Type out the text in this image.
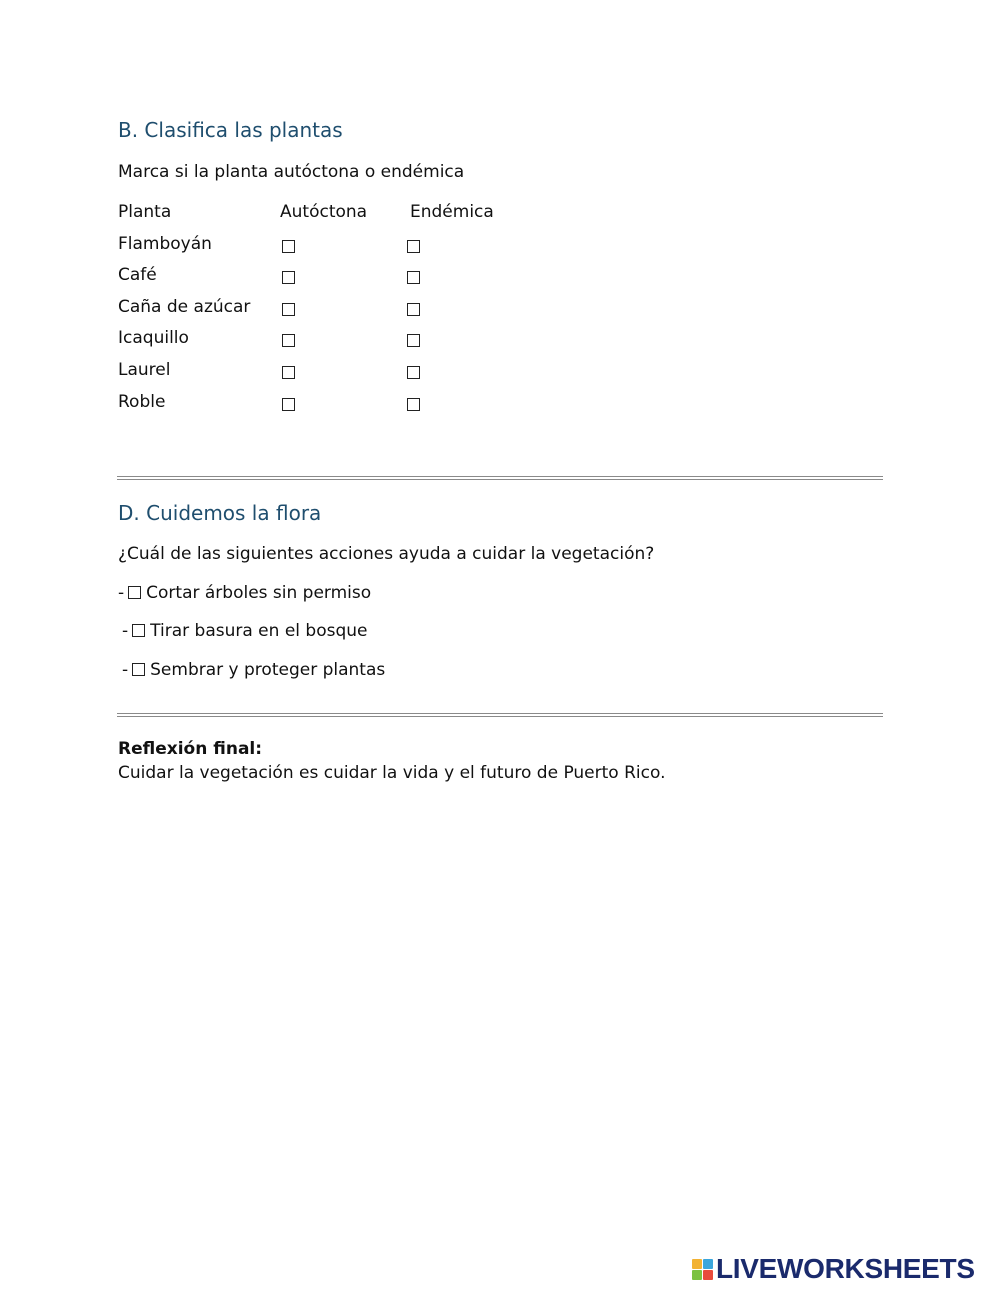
B. Clasifica las plantas

Marca si la planta autóctona o endémica

Planta	Autóctona	Endémica
Flamboyán
Café
Caña de azúcar
Icaquillo
Laurel
Roble
D. Cuidemos la flora

¿Cuál de las siguientes acciones ayuda a cuidar la vegetación?

- Cortar árboles sin permiso
- Tirar basura en el bosque
- Sembrar y proteger plantas

Reflexión final:

Cuidar la vegetación es cuidar la vida y el futuro de Puerto Rico.

LIVEWORKSHEETS
